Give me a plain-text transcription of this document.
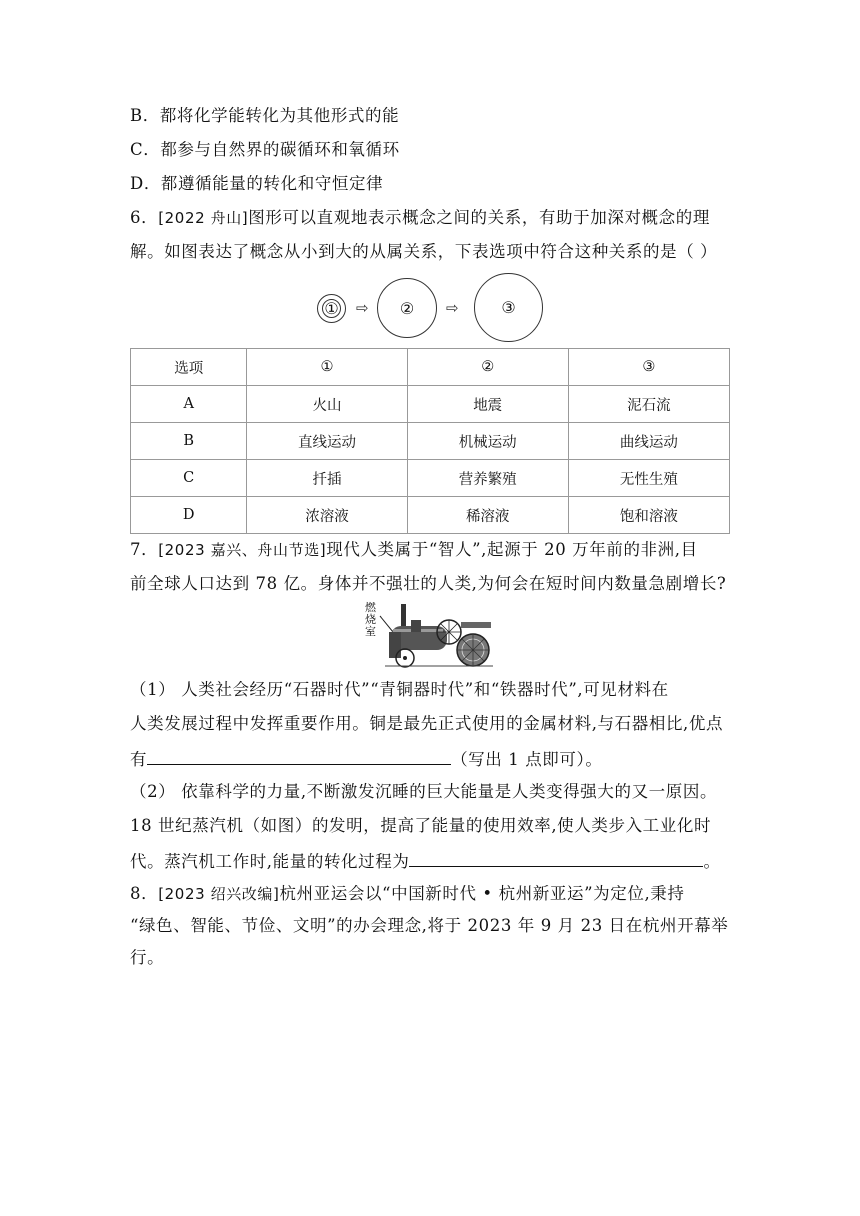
B．都将化学能转化为其他形式的能
C．都参与自然界的碳循环和氧循环
D．都遵循能量的转化和守恒定律
6．[2022 舟山]图形可以直观地表示概念之间的关系，有助于加深对概念的理
解。如图表达了概念从小到大的从属关系，下表选项中符合这种关系的是（ ）
① ⇨ ② ⇨	③
选项	①	②	③
A	火山	地震	泥石流
B	直线运动	机械运动	曲线运动
C	扦插	营养繁殖	无性生殖
D	浓溶液	稀溶液	饱和溶液
7．[2023 嘉兴、舟山节选]现代人类属于“智人”,起源于 20 万年前的非洲,目
前全球人口达到 78 亿。身体并不强壮的人类,为何会在短时间内数量急剧增长?
燃烧室
（1） 人类社会经历“石器时代”“青铜器时代”和“铁器时代”,可见材料在
人类发展过程中发挥重要作用。铜是最先正式使用的金属材料,与石器相比,优点
有	（写出 1 点即可）。
（2） 依靠科学的力量,不断激发沉睡的巨大能量是人类变得强大的又一原因。
18 世纪蒸汽机（如图）的发明，提高了能量的使用效率,使人类步入工业化时
代。蒸汽机工作时,能量的转化过程为	。
8．[2023 绍兴改编]杭州亚运会以“中国新时代 • 杭州新亚运”为定位,秉持
“绿色、智能、节俭、文明”的办会理念,将于 2023 年 9 月 23 日在杭州开幕举
行。
